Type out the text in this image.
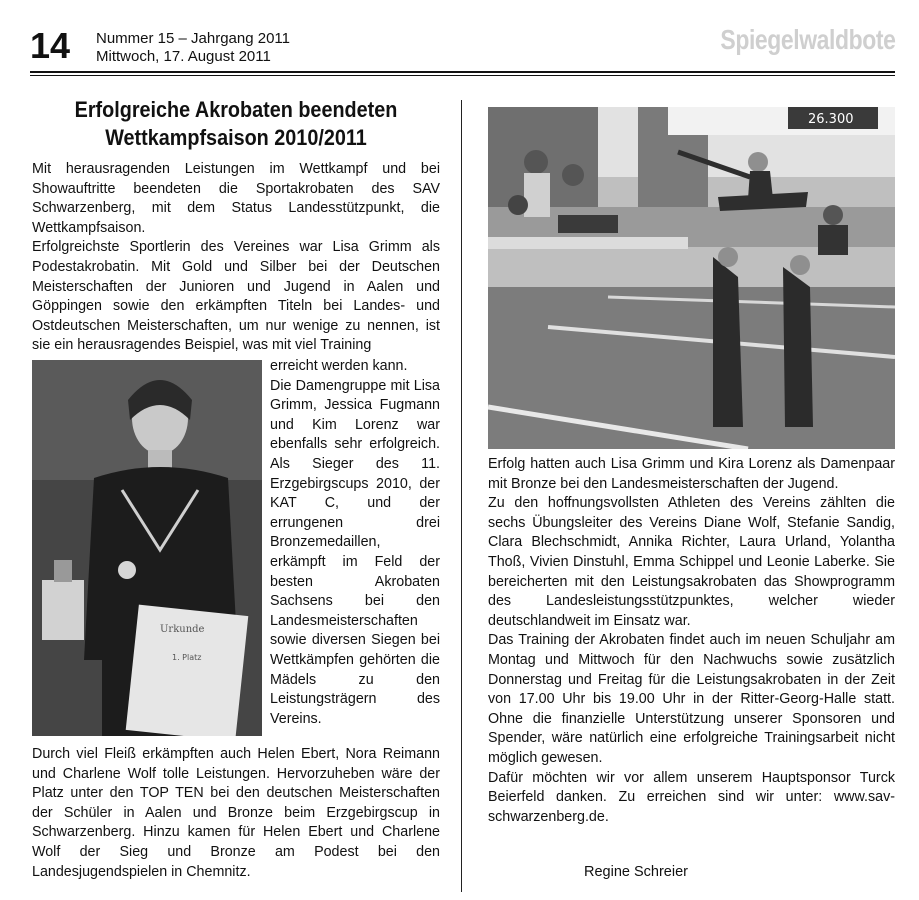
14 Nummer 15 – Jahrgang 2011
Mittwoch, 17. August 2011
Spiegelwaldbote
Erfolgreiche Akrobaten beendeten
Wettkampfsaison 2010/2011

Mit herausragenden Leistungen im Wettkampf und bei Showauftritte beendeten die Sportakrobaten des SAV Schwarzenberg, mit dem Status Landesstützpunkt, die Wettkampfsaison.

Erfolgreichste Sportlerin des Vereines war Lisa Grimm als Podestakrobatin. Mit Gold und Silber bei der Deutschen Meisterschaften der Junioren und Jugend in Aalen und Göppingen sowie den erkämpften Titeln bei Landes- und Ostdeutschen Meisterschaften, um nur wenige zu nennen, ist sie ein herausragendes Beispiel, was mit viel Training

Urkunde
1. Platz

erreicht werden kann.

Die Damengruppe mit Lisa Grimm, Jessica Fugmann und Kim Lorenz war ebenfalls sehr erfolgreich. Als Sieger des 11. Erzgebirgscups 2010, der KAT C, und der errungenen drei Bronzemedaillen, erkämpft im Feld der besten Akrobaten Sachsens bei den Landesmeisterschaften sowie diversen Siegen bei Wettkämpfen gehörten die Mädels zu den Leistungsträgern des Vereins.

Durch viel Fleiß erkämpften auch Helen Ebert, Nora Reimann und Charlene Wolf tolle Leistungen. Hervorzuheben wäre der Platz unter den TOP TEN bei den deutschen Meisterschaften der Schüler in Aalen und Bronze beim Erzgebirgscup in Schwarzenberg. Hinzu kamen für Helen Ebert und Charlene Wolf der Sieg und Bronze am Podest bei den Landesjugendspielen in Chemnitz.

26.300

Erfolg hatten auch Lisa Grimm und Kira Lorenz als Damenpaar mit Bronze bei den Landesmeisterschaften der Jugend.

Zu den hoffnungsvollsten Athleten des Vereins zählten die sechs Übungsleiter des Vereins Diane Wolf, Stefanie Sandig, Clara Blechschmidt, Annika Richter, Laura Urland, Yolantha Thoß, Vivien Dinstuhl, Emma Schippel und Leonie Laberke. Sie bereicherten mit den Leistungsakrobaten das Showprogramm des Landesleistungsstützpunktes, welcher wieder deutschlandweit im Einsatz war.

Das Training der Akrobaten findet auch im neuen Schuljahr am Montag und Mittwoch für den Nachwuchs sowie zusätzlich Donnerstag und Freitag für die Leistungsakrobaten in der Zeit von 17.00 Uhr bis 19.00 Uhr in der Ritter-Georg-Halle statt. Ohne die finanzielle Unterstützung unserer Sponsoren und Spender, wäre natürlich eine erfolgreiche Trainingsarbeit nicht möglich gewesen.

Dafür möchten wir vor allem unserem Hauptsponsor Turck Beierfeld danken. Zu erreichen sind wir unter: www.sav-schwarzenberg.de.

Regine Schreier
